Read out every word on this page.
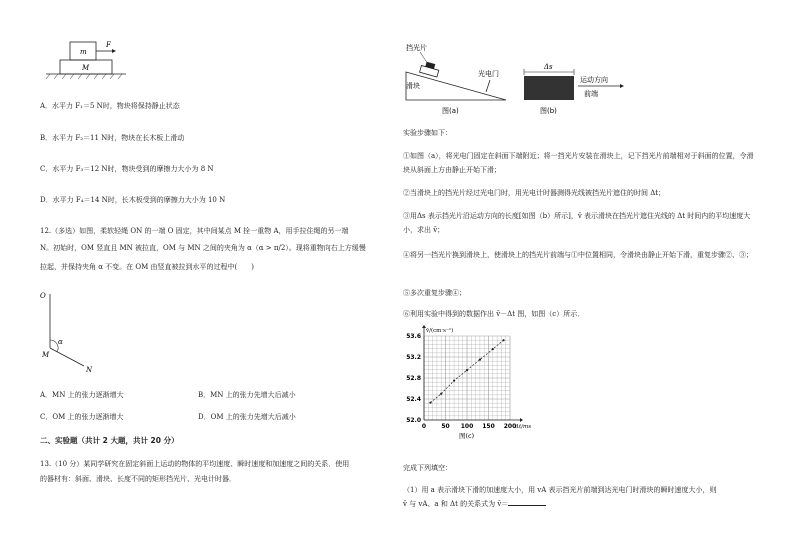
m
F
M
A．水平力 F₁＝5 N时，物块将保持静止状态
B．水平力 F₂＝11 N时，物块在长木板上滑动
C．水平力 F₃＝12 N时，物块受到的摩擦力大小为 8 N
D．水平力 F₄＝14 N时，长木板受到的摩擦力大小为 10 N
12.（多选）如图，柔软轻绳 ON 的一端 O 固定，其中间某点 M 拴一重物 A，用手拉住绳的另一端
N。初始时，OM 竖直且 MN 被拉直，OM 与 MN 之间的夹角为 α（α > π/2）。现将重物向右上方缓慢
拉起，并保持夹角 α 不变。在 OM 由竖直被拉到水平的过程中(　　)
O
α
M
N
A．MN 上的张力逐渐增大	B．MN 上的张力先增大后减小
C．OM 上的张力逐渐增大	D．OM 上的张力先增大后减小
二、实验题（共计 2 大题，共计 20 分）
13.（10 分）某同学研究在固定斜面上运动的物体的平均速度、瞬时速度和加速度之间的关系．使用
的器材有：斜面、滑块、长度不同的矩形挡光片、光电计时器．
挡光片
滑块
光电门
图(a)
Δs
运动方向
前端
图(b)
实验步骤如下：
①如图（a），将光电门固定在斜面下端附近；将一挡光片安装在滑块上，记下挡光片前端相对于斜面的位置，令滑块从斜面上方由静止开始下滑；
②当滑块上的挡光片经过光电门时，用光电计时器测得光线被挡光片遮住的时间 Δt；
③用Δs 表示挡光片沿运动方向的长度[如图（b）所示]，v̄ 表示滑块在挡光片遮住光线的 Δt 时间内的平均速度大小，求出 v̄；
④将另一挡光片换到滑块上，使滑块上的挡光片前端与①中位置相同，令滑块由静止开始下滑，重复步骤②、③；
⑤多次重复步骤④；
⑥利用实验中得到的数据作出 v̄－Δt 图，如图（c）所示．
0	50 100 150 200
52.0
52.4
52.8
53.2
53.6
v̄/(cm·s⁻¹)
Δt/ms
图(c)
完成下列填空：
（1）用 a 表示滑块下滑的加速度大小，用 vA 表示挡光片前端到达光电门时滑块的瞬时速度大小，则
v̄ 与 vA、a 和 Δt 的关系式为 v̄＝
